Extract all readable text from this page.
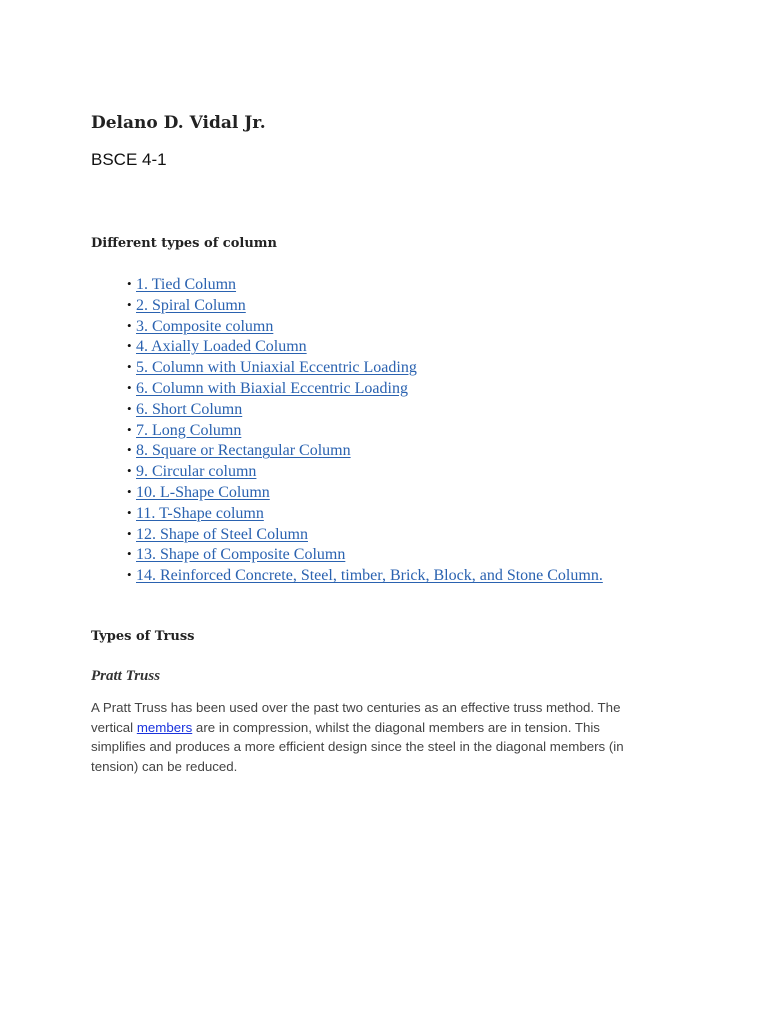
Delano D. Vidal Jr.
BSCE 4-1
Different types of column
• 1. Tied Column
• 2. Spiral Column
• 3. Composite column
• 4. Axially Loaded Column
• 5. Column with Uniaxial Eccentric Loading
• 6. Column with Biaxial Eccentric Loading
• 6. Short Column
• 7. Long Column
• 8. Square or Rectangular Column
• 9. Circular column
• 10. L-Shape Column
• 11. T-Shape column
• 12. Shape of Steel Column
• 13. Shape of Composite Column
• 14. Reinforced Concrete, Steel, timber, Brick, Block, and Stone Column.
Types of Truss
Pratt Truss

A Pratt Truss has been used over the past two centuries as an effective truss method. The
vertical members are in compression, whilst the diagonal members are in tension. This
simplifies and produces a more efficient design since the steel in the diagonal members (in
tension) can be reduced.
